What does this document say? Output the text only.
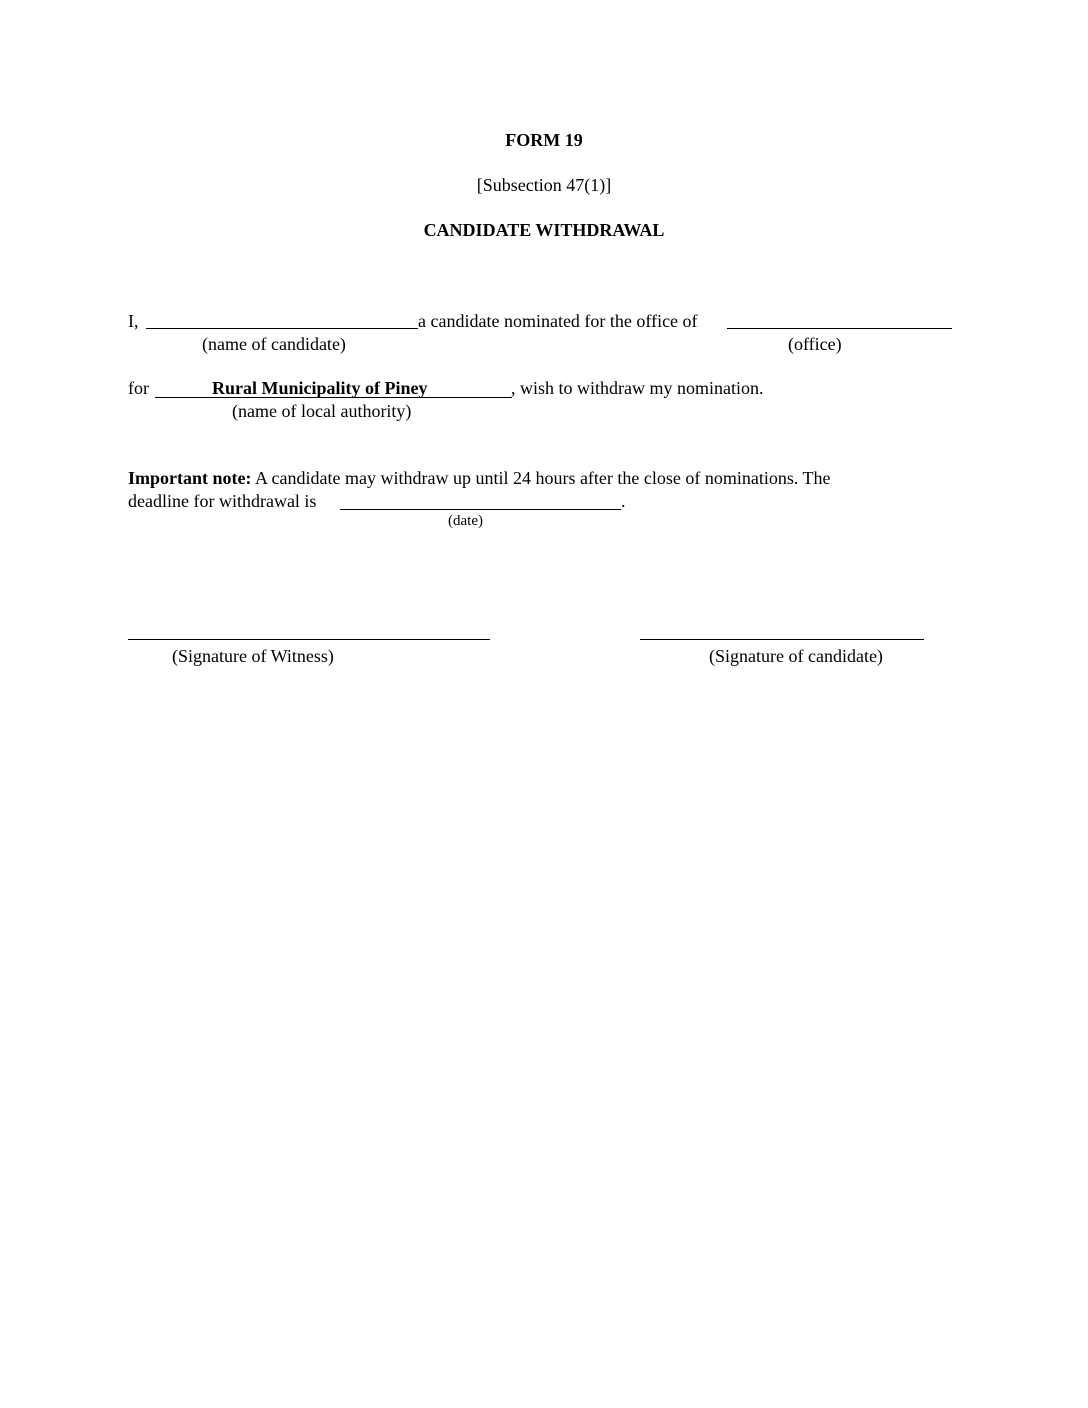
FORM 19
[Subsection 47(1)]
CANDIDATE WITHDRAWAL
I,	a candidate nominated for the office of
(name of candidate)	(office)
for	Rural Municipality of Piney	, wish to withdraw my nomination.
(name of local authority)
Important note: A candidate may withdraw up until 24 hours after the close of nominations. The
deadline for withdrawal is	.
(date)
(Signature of Witness)	(Signature of candidate)
